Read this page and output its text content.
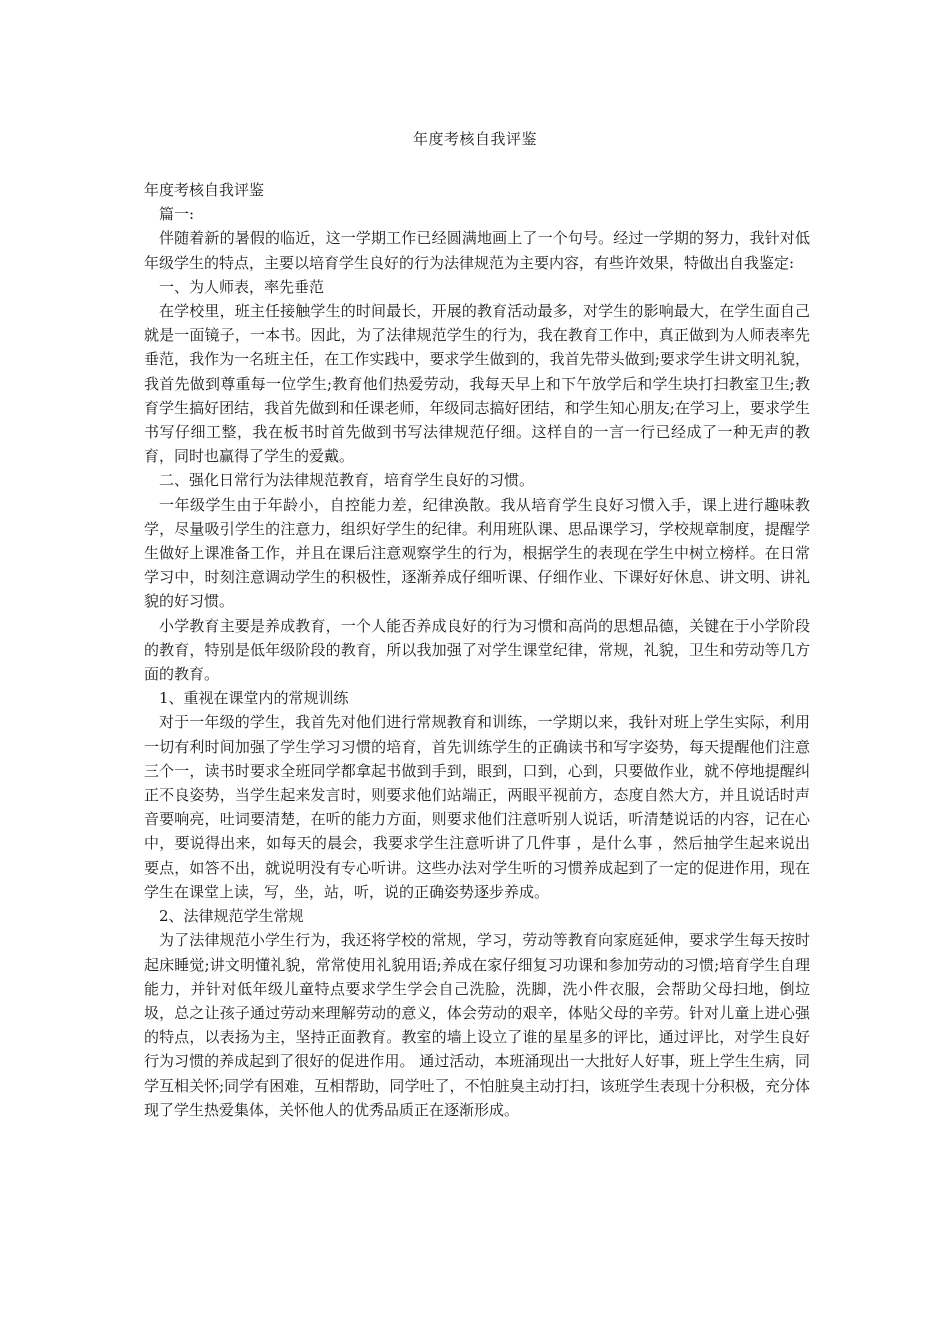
年度考核自我评鉴

年度考核自我评鉴

篇一:

伴随着新的暑假的临近，这一学期工作已经圆满地画上了一个句号。经过一学期的努力，我针对低年级学生的特点，主要以培育学生良好的行为法律规范为主要内容，有些许效果，特做出自我鉴定:

一、为人师表，率先垂范

在学校里，班主任接触学生的时间最长，开展的教育活动最多，对学生的影响最大，在学生面自己就是一面镜子，一本书。因此，为了法律规范学生的行为，我在教育工作中，真正做到为人师表率先垂范，我作为一名班主任，在工作实践中，要求学生做到的，我首先带头做到;要求学生讲文明礼貌，我首先做到尊重每一位学生;教育他们热爱劳动，我每天早上和下午放学后和学生块打扫教室卫生;教育学生搞好团结，我首先做到和任课老师，年级同志搞好团结，和学生知心朋友;在学习上，要求学生书写仔细工整，我在板书时首先做到书写法律规范仔细。这样自的一言一行已经成了一种无声的教育，同时也赢得了学生的爱戴。

二、强化日常行为法律规范教育，培育学生良好的习惯。

一年级学生由于年龄小，自控能力差，纪律涣散。我从培育学生良好习惯入手，课上进行趣味教学，尽量吸引学生的注意力，组织好学生的纪律。利用班队课、思品课学习，学校规章制度，提醒学生做好上课准备工作，并且在课后注意观察学生的行为，根据学生的表现在学生中树立榜样。在日常学习中，时刻注意调动学生的积极性，逐渐养成仔细听课、仔细作业、下课好好休息、讲文明、讲礼貌的好习惯。

小学教育主要是养成教育，一个人能否养成良好的行为习惯和高尚的思想品德，关键在于小学阶段的教育，特别是低年级阶段的教育，所以我加强了对学生课堂纪律，常规，礼貌，卫生和劳动等几方面的教育。

1、重视在课堂内的常规训练

对于一年级的学生，我首先对他们进行常规教育和训练，一学期以来，我针对班上学生实际，利用一切有利时间加强了学生学习习惯的培育，首先训练学生的正确读书和写字姿势，每天提醒他们注意三个一，读书时要求全班同学都拿起书做到手到，眼到，口到，心到，只要做作业，就不停地提醒纠正不良姿势，当学生起来发言时，则要求他们站端正，两眼平视前方，态度自然大方，并且说话时声音要响亮，吐词要清楚，在听的能力方面，则要求他们注意听别人说话，听清楚说话的内容，记在心中，要说得出来，如每天的晨会，我要求学生注意听讲了几件事 ，是什么事 ，然后抽学生起来说出要点，如答不出，就说明没有专心听讲。这些办法对学生听的习惯养成起到了一定的促进作用，现在学生在课堂上读，写，坐，站，听，说的正确姿势逐步养成。

2、法律规范学生常规

为了法律规范小学生行为，我还将学校的常规，学习，劳动等教育向家庭延伸，要求学生每天按时起床睡觉;讲文明懂礼貌，常常使用礼貌用语;养成在家仔细复习功课和参加劳动的习惯;培育学生自理能力，并针对低年级儿童特点要求学生学会自己洗脸，洗脚，洗小件衣服，会帮助父母扫地，倒垃圾，总之让孩子通过劳动来理解劳动的意义，体会劳动的艰辛，体贴父母的辛劳。针对儿童上进心强的特点，以表扬为主，坚持正面教育。教室的墙上设立了谁的星星多的评比，通过评比，对学生良好行为习惯的养成起到了很好的促进作用。 通过活动，本班涌现出一大批好人好事，班上学生生病，同学互相关怀;同学有困难，互相帮助，同学吐了，不怕脏臭主动打扫，该班学生表现十分积极，充分体现了学生热爱集体，关怀他人的优秀品质正在逐渐形成。
